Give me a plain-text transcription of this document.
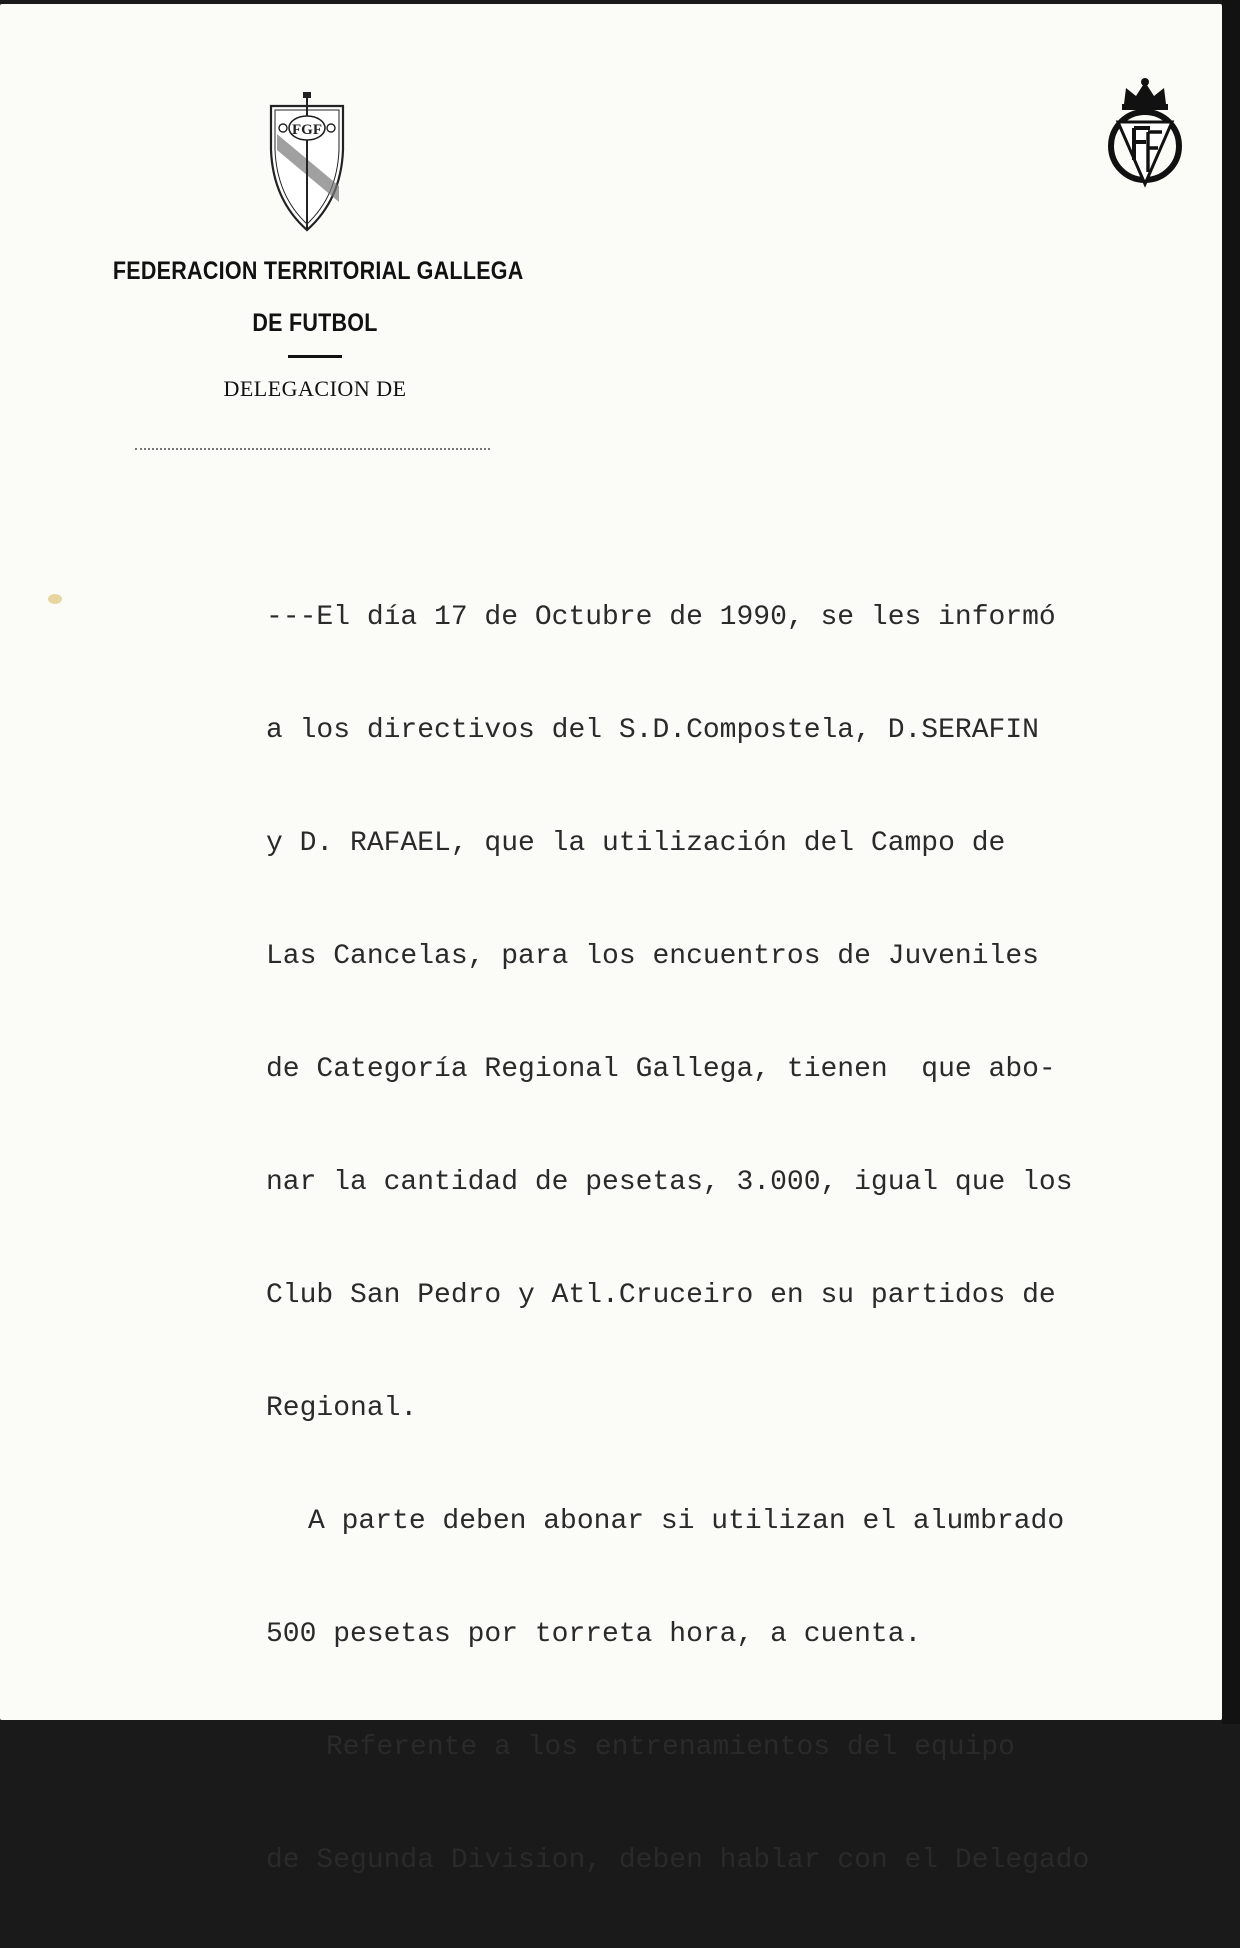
FGF
FEDERACION TERRITORIAL GALLEGA
DE FUTBOL
DELEGACION DE

---El día 17 de Octubre de 1990, se les informó

a los directivos del S.D.Compostela, D.SERAFIN

y D. RAFAEL, que la utilización del Campo de

Las Cancelas, para los encuentros de Juveniles

de Categoría Regional Gallega, tienen  que abo-

nar la cantidad de pesetas, 3.000, igual que los

Club San Pedro y Atl.Cruceiro en su partidos de

Regional.

A parte deben abonar si utilizan el alumbrado

500 pesetas por torreta hora, a cuenta.

Referente a los entrenamientos del equipo

de Segunda Division, deben hablar con el Delegado
